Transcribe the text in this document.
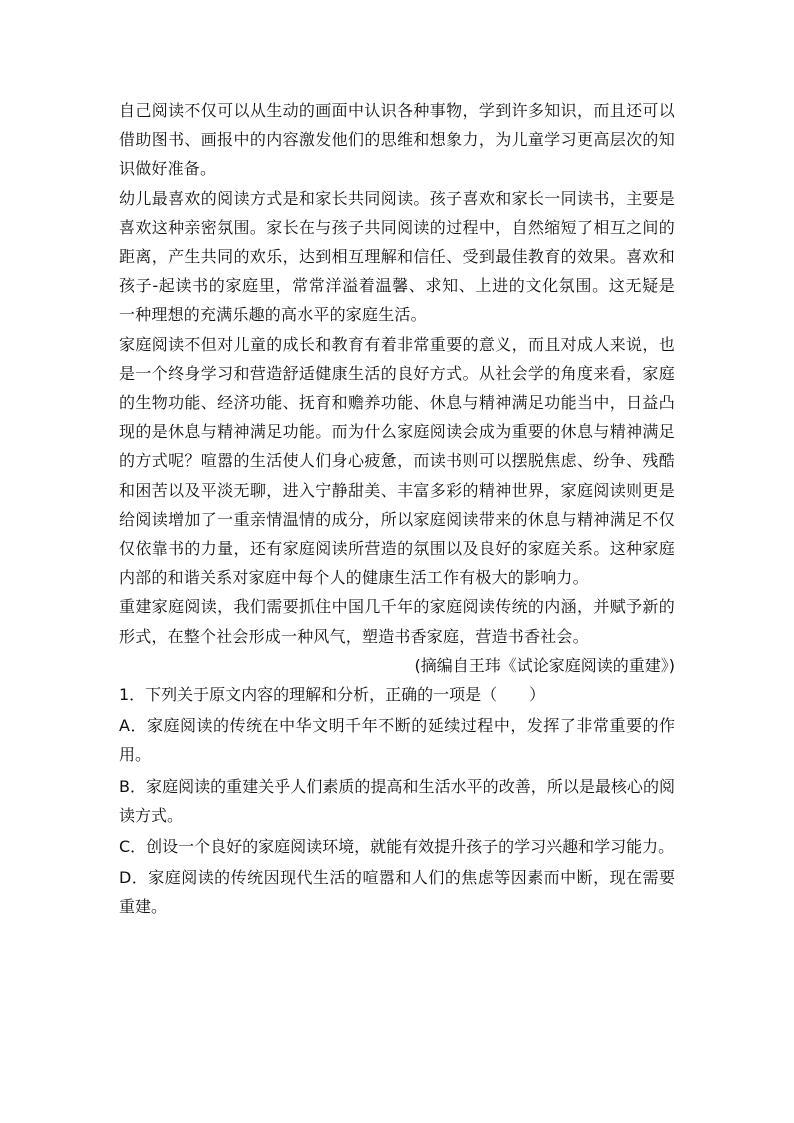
自己阅读不仅可以从生动的画面中认识各种事物，学到许多知识，而且还可以借助图书、画报中的内容激发他们的思维和想象力，为儿童学习更高层次的知识做好准备。

幼儿最喜欢的阅读方式是和家长共同阅读。孩子喜欢和家长一同读书，主要是喜欢这种亲密氛围。家长在与孩子共同阅读的过程中，自然缩短了相互之间的距离，产生共同的欢乐，达到相互理解和信任、受到最佳教育的效果。喜欢和孩子-起读书的家庭里，常常洋溢着温馨、求知、上进的文化氛围。这无疑是一种理想的充满乐趣的高水平的家庭生活。

家庭阅读不但对儿童的成长和教育有着非常重要的意义，而且对成人来说，也是一个终身学习和营造舒适健康生活的良好方式。从社会学的角度来看，家庭的生物功能、经济功能、抚育和赡养功能、休息与精神满足功能当中，日益凸现的是休息与精神满足功能。而为什么家庭阅读会成为重要的休息与精神满足的方式呢？喧嚣的生活使人们身心疲惫，而读书则可以摆脱焦虑、纷争、残酷和困苦以及平淡无聊，进入宁静甜美、丰富多彩的精神世界，家庭阅读则更是给阅读增加了一重亲情温情的成分，所以家庭阅读带来的休息与精神满足不仅仅依靠书的力量，还有家庭阅读所营造的氛围以及良好的家庭关系。这种家庭内部的和谐关系对家庭中每个人的健康生活工作有极大的影响力。

重建家庭阅读，我们需要抓住中国几千年的家庭阅读传统的内涵，并赋予新的形式，在整个社会形成一种风气，塑造书香家庭，营造书香社会。

(摘编自王玮《试论家庭阅读的重建》)

1．下列关于原文内容的理解和分析，正确的一项是（　　）

A．家庭阅读的传统在中华文明千年不断的延续过程中，发挥了非常重要的作用。

B．家庭阅读的重建关乎人们素质的提高和生活水平的改善，所以是最核心的阅读方式。

C．创设一个良好的家庭阅读环境，就能有效提升孩子的学习兴趣和学习能力。

D．家庭阅读的传统因现代生活的喧嚣和人们的焦虑等因素而中断，现在需要重建。
